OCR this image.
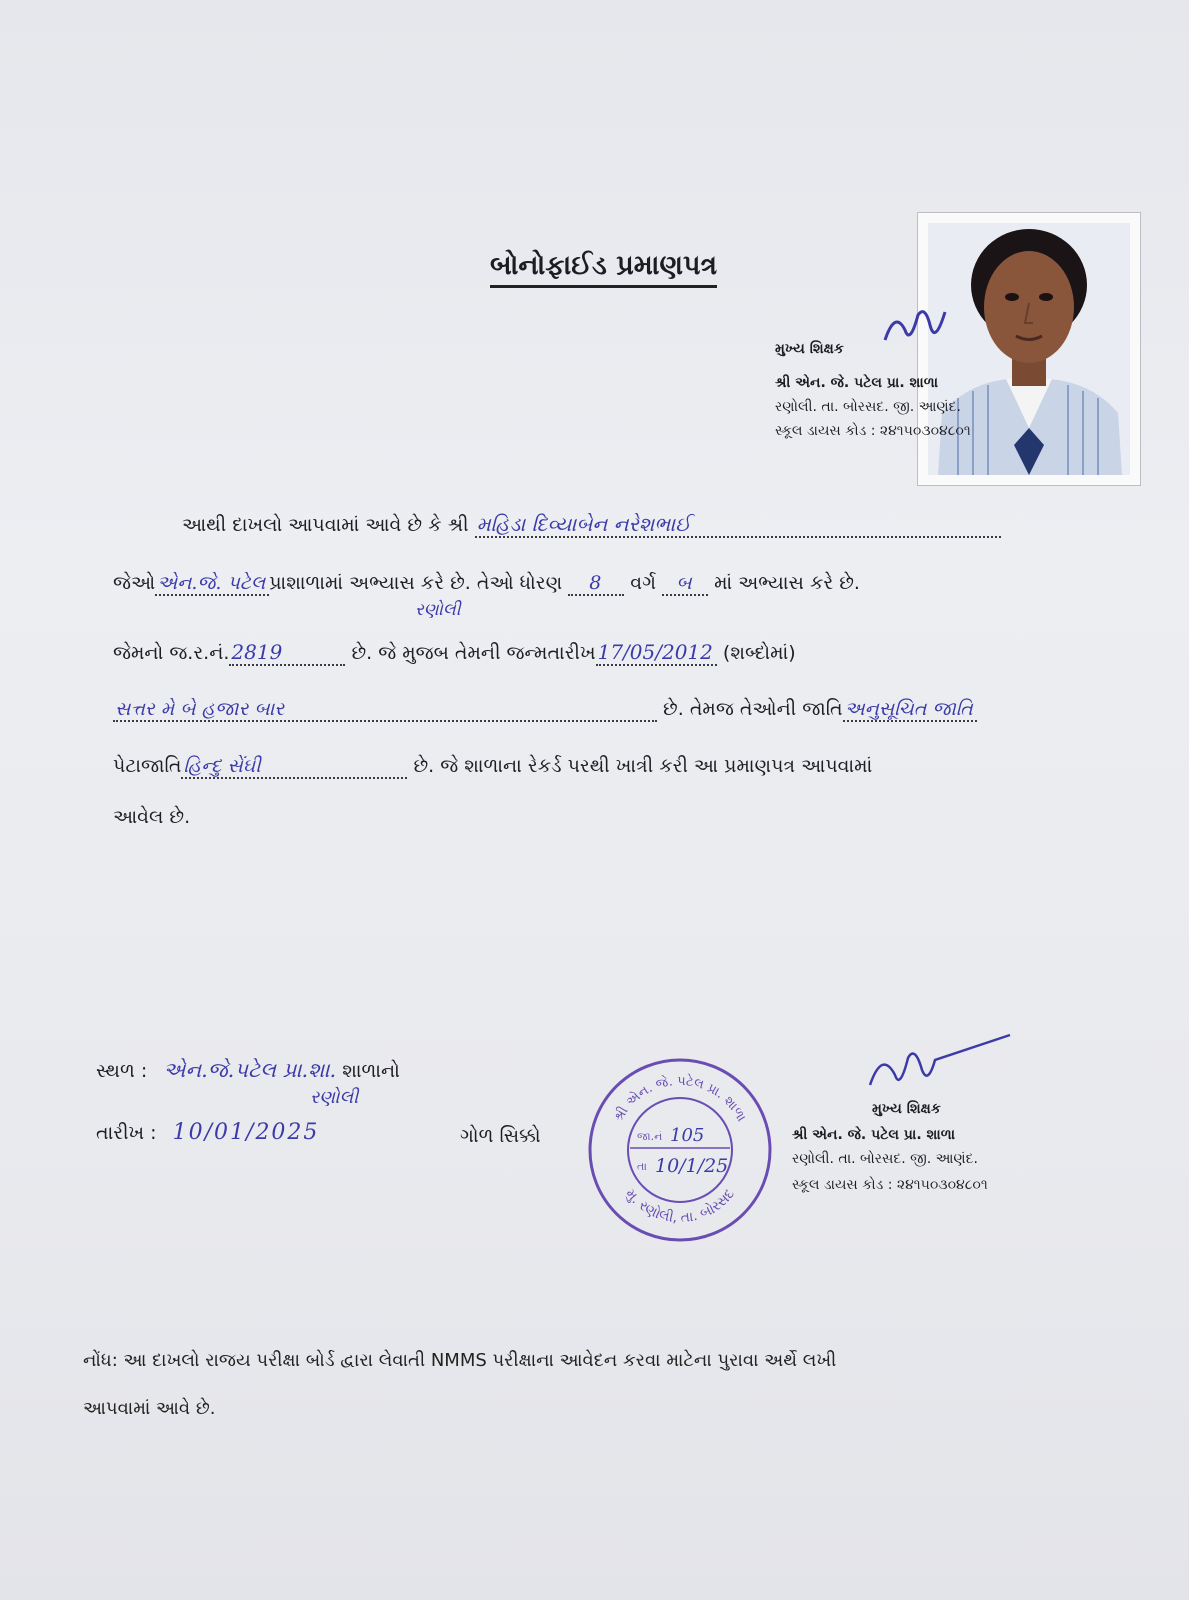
બોનોફાઈડ પ્રમાણપત્ર
મુખ્ય શિક્ષક
શ્રી એન. જે. પટેલ પ્રા. શાળા
રણોલી. તા. બોરસદ. જી. આણંદ.
સ્કૂલ ડાયસ કોડ : ૨૪૧૫૦૩૦૪૮૦૧
આથી દાખલો આપવામાં આવે છે કે શ્રી મહિડા દિવ્યાબેન નરેશભાઈ
રણોલી
જેઓ એન.જે. પટેલ પ્રાશાળામાં અભ્યાસ કરે છે. તેઓ ધોરણ 8 વર્ગ બ માં અભ્યાસ કરે છે.
જેમનો જ.ર.નં. 2819	છે. જે મુજબ તેમની જન્મતારીખ 17/05/2012 (શબ્દોમાં)
સત્તર મે બે હજાર બાર	છે. તેમજ તેઓની જાતિ અનુસૂચિત જાતિ
પેટાજાતિ હિન્દુ સેંઘી	છે. જે શાળાના રેકર્ડ પરથી ખાત્રી કરી આ પ્રમાણપત્ર આપવામાં
આવેલ છે.
સ્થળ : એન.જે.પટેલ પ્રા.શા. શાળાનો
રણોલી
તારીખ : 10/01/2025	ગોળ સિક્કો
શ્રી એન. જે. પટેલ પ્રા. શાળા
મુ. રણોલી, તા. બોરસદ
જા.નં 105
તા 10/1/25
મુખ્ય શિક્ષક
શ્રી એન. જે. પટેલ પ્રા. શાળા
રણોલી. તા. બોરસદ. જી. આણંદ.
સ્કૂલ ડાયસ કોડ : ૨૪૧૫૦૩૦૪૮૦૧
નોંધ: આ દાખલો રાજય પરીક્ષા બોર્ડ દ્વારા લેવાતી NMMS પરીક્ષાના આવેદન કરવા માટેના પુરાવા અર્થે લખી
આપવામાં આવે છે.
